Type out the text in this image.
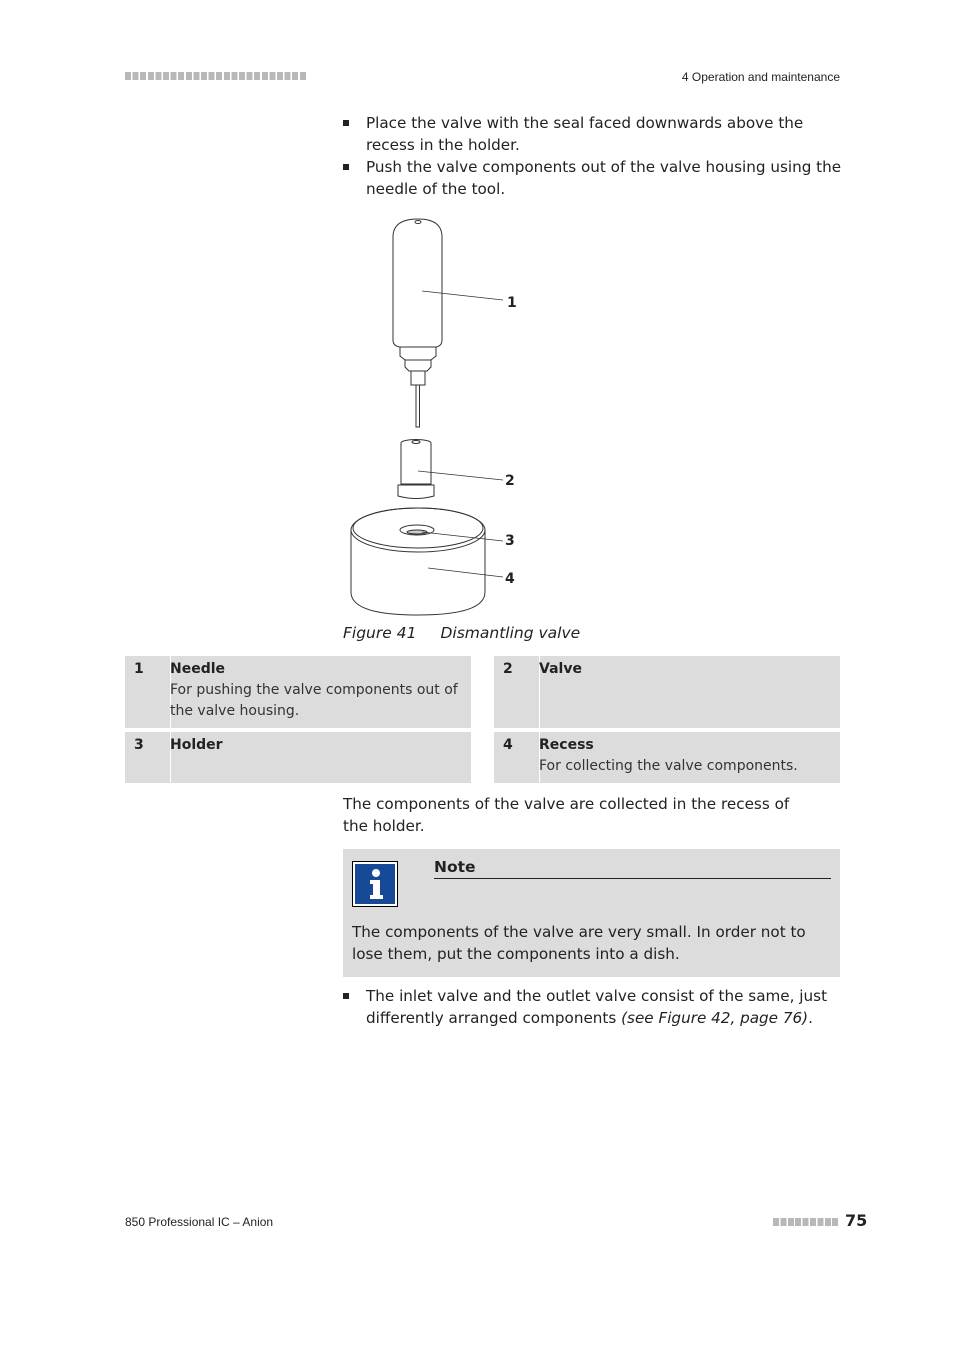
4 Operation and maintenance
Place the valve with the seal faced downwards above the recess in the holder.
Push the valve components out of the valve housing using the needle of the tool.
1
2
3
4
Figure 41 Dismantling valve
1 Needle
For pushing the valve components out of the valve housing.
2 Valve
3 Holder	4 Recess
For collecting the valve components.
The components of the valve are collected in the recess of the holder.
Note
The components of the valve are very small. In order not to lose them, put the components into a dish.
The inlet valve and the outlet valve consist of the same, just differently arranged components (see Figure 42, page 76).
850 Professional IC – Anion	75
